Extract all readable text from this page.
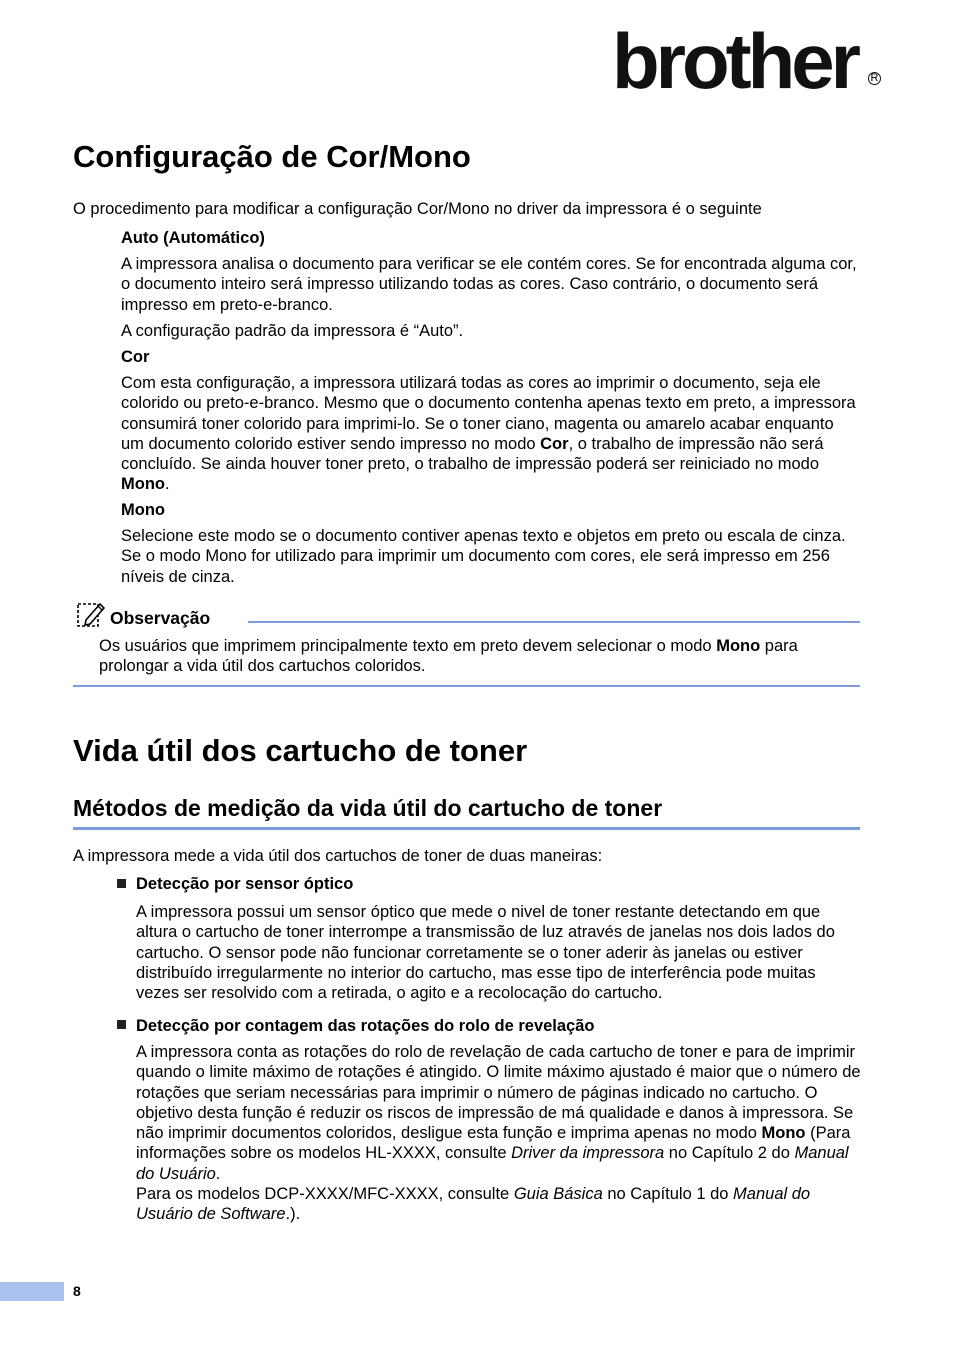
brother R
Configuração de Cor/Mono

O procedimento para modificar a configuração Cor/Mono no driver da impressora é o seguinte

Auto (Automático)

A impressora analisa o documento para verificar se ele contém cores. Se for encontrada alguma cor, o documento inteiro será impresso utilizando todas as cores. Caso contrário, o documento será impresso em preto-e-branco.

A configuração padrão da impressora é “Auto”.

Cor

Com esta configuração, a impressora utilizará todas as cores ao imprimir o documento, seja ele colorido ou preto-e-branco. Mesmo que o documento contenha apenas texto em preto, a impressora consumirá toner colorido para imprimi-lo. Se o toner ciano, magenta ou amarelo acabar enquanto um documento colorido estiver sendo impresso no modo Cor, o trabalho de impressão não será concluído. Se ainda houver toner preto, o trabalho de impressão poderá ser reiniciado no modo Mono.

Mono

Selecione este modo se o documento contiver apenas texto e objetos em preto ou escala de cinza. Se o modo Mono for utilizado para imprimir um documento com cores, ele será impresso em 256 níveis de cinza.

Observação

Os usuários que imprimem principalmente texto em preto devem selecionar o modo Mono para prolongar a vida útil dos cartuchos coloridos.

Vida útil dos cartucho de toner
Métodos de medição da vida útil do cartucho de toner

A impressora mede a vida útil dos cartuchos de toner de duas maneiras:

Detecção por sensor óptico

A impressora possui um sensor óptico que mede o nivel de toner restante detectando em que altura o cartucho de toner interrompe a transmissão de luz através de janelas nos dois lados do cartucho. O sensor pode não funcionar corretamente se o toner aderir às janelas ou estiver distribuído irregularmente no interior do cartucho, mas esse tipo de interferência pode muitas vezes ser resolvido com a retirada, o agito e a recolocação do cartucho.

Detecção por contagem das rotações do rolo de revelação

A impressora conta as rotações do rolo de revelação de cada cartucho de toner e para de imprimir quando o limite máximo de rotações é atingido. O limite máximo ajustado é maior que o número de rotações que seriam necessárias para imprimir o número de páginas indicado no cartucho. O objetivo desta função é reduzir os riscos de impressão de má qualidade e danos à impressora. Se não imprimir documentos coloridos, desligue esta função e imprima apenas no modo Mono (Para informações sobre os modelos HL-XXXX, consulte Driver da impressora no Capítulo 2 do Manual do Usuário.
Para os modelos DCP-XXXX/MFC-XXXX, consulte Guia Básica no Capítulo 1 do Manual do Usuário de Software.).

8
